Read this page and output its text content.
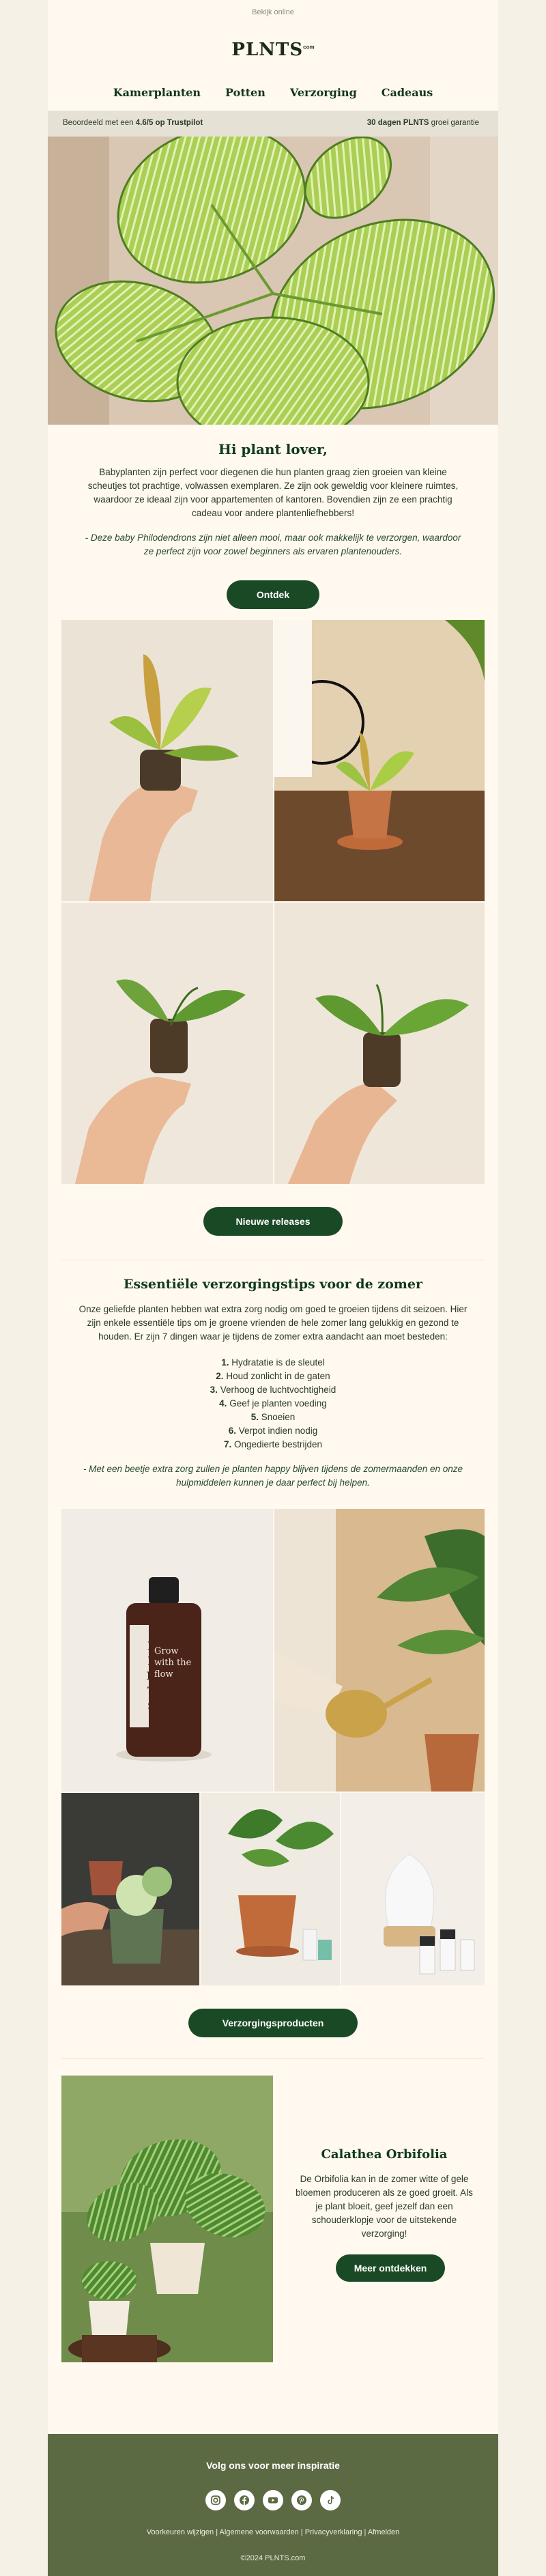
Bekijk online
$PLNTS^{com}$
Kamerplanten Potten Verzorging Cadeaus
Beoordeeld met een 4.6/5 op Trustpilot	30 dagen PLNTS groei garantie
Hi plant lover,

Babyplanten zijn perfect voor diegenen die hun planten graag zien groeien van kleine scheutjes tot prachtige, volwassen exemplaren. Ze zijn ook geweldig voor kleinere ruimtes, waardoor ze ideaal zijn voor appartementen of kantoren. Bovendien zijn ze een prachtig cadeau voor andere plantenliefhebbers!

- Deze baby Philodendrons zijn niet alleen mooi, maar ook makkelijk te verzorgen, waardoor ze perfect zijn voor zowel beginners als ervaren plantenouders.

Ontdek
Nieuwe releases
Essentiële verzorgingstips voor de zomer

Onze geliefde planten hebben wat extra zorg nodig om goed te groeien tijdens dit seizoen. Hier zijn enkele essentiële tips om je groene vrienden de hele zomer lang gelukkig en gezond te houden. Er zijn 7 dingen waar je tijdens de zomer extra aandacht aan moet besteden:

1. Hydratatie is de sleutel
2. Houd zonlicht in de gaten
3. Verhoog de luchtvochtigheid
4. Geef je planten voeding
5. Snoeien
6. Verpot indien nodig
7. Ongedierte bestrijden

- Met een beetje extra zorg zullen je planten happy blijven tijdens de zomermaanden en onze hulpmiddelen kunnen je daar perfect bij helpen.

PLNTS
Grow with the flow
Verzorgingsproducten
Calathea Orbifolia

De Orbifolia kan in de zomer witte of gele bloemen produceren als ze goed groeit. Als je plant bloeit, geef jezelf dan een schouderklopje voor de uitstekende verzorging!

Meer ontdekken
Volg ons voor meer inspiratie
Voorkeuren wijzigen | Algemene voorwaarden | Privacyverklaring | Afmelden
©2024 PLNTS.com
